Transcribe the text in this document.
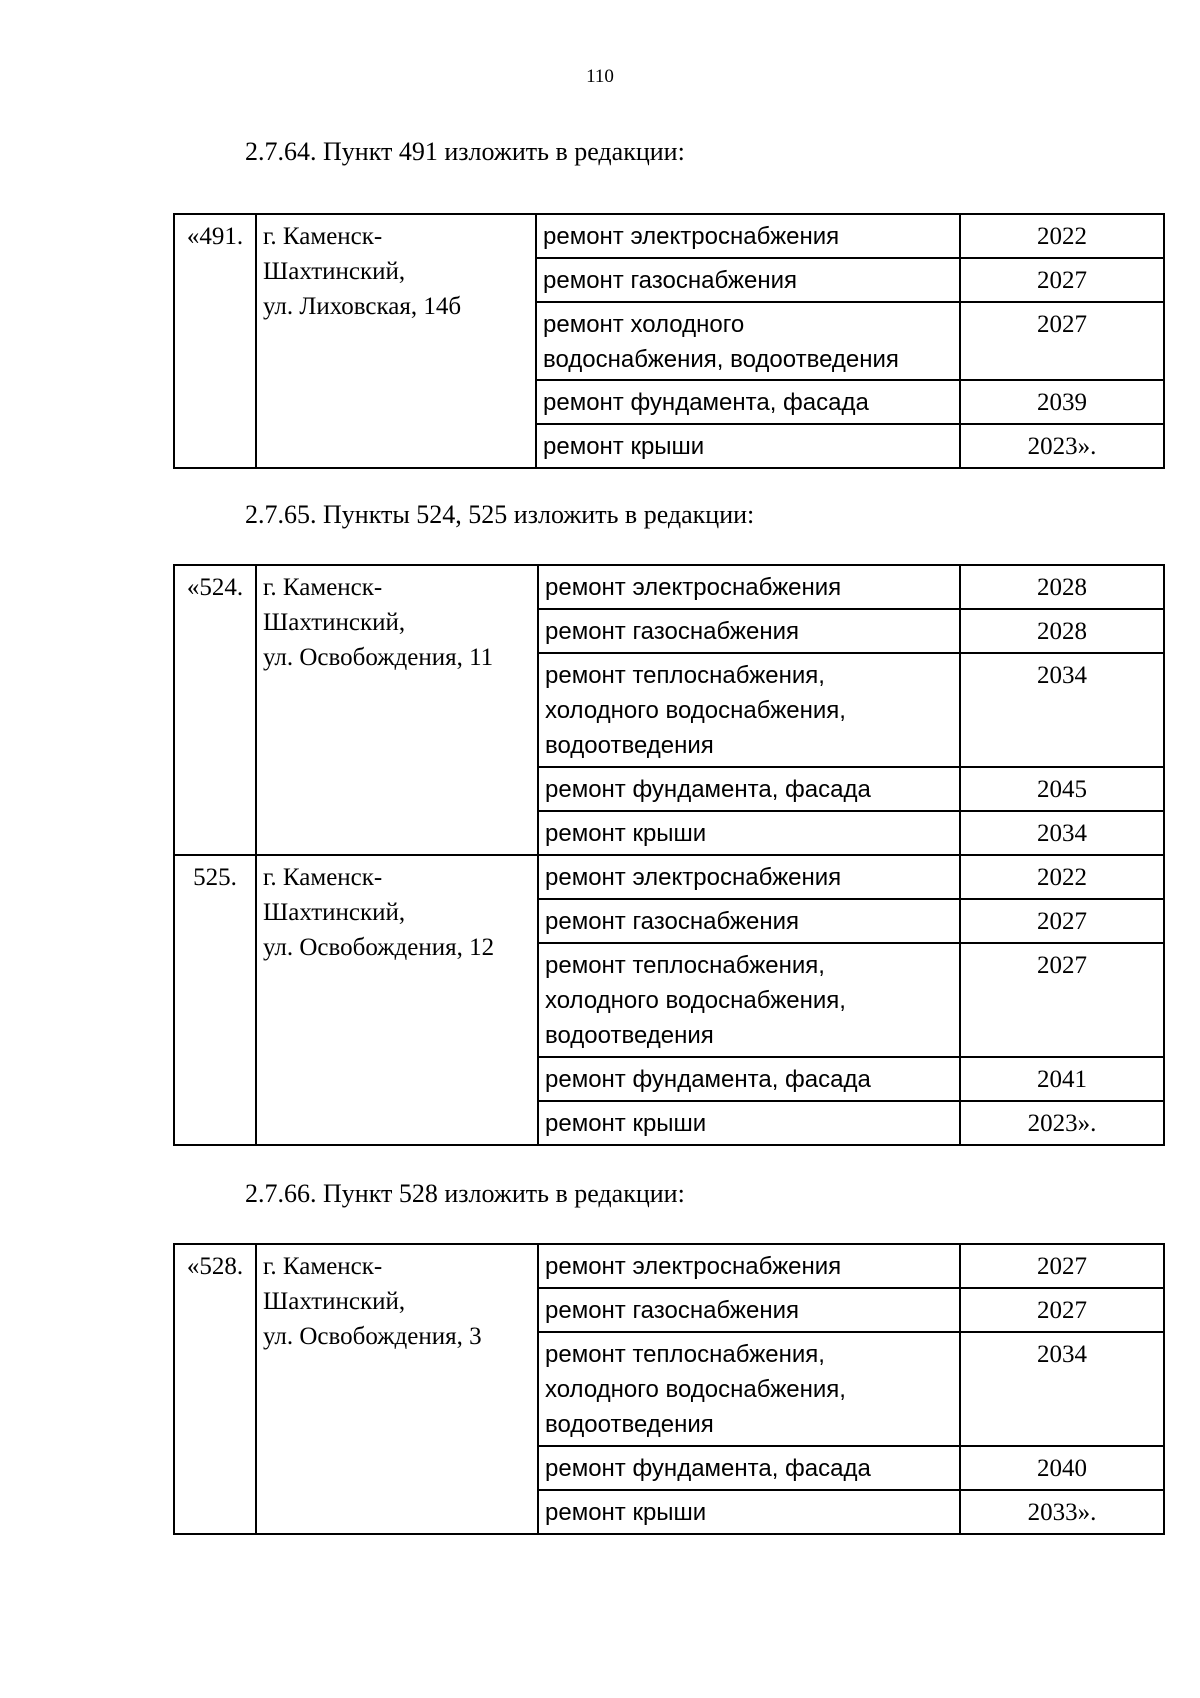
110
2.7.64. Пункт 491 изложить в редакции:
«491.	г. Каменск-
Шахтинский,
ул. Лиховская, 14б	ремонт электроснабжения	2022

		ремонт газоснабжения	2027

		ремонт холодного
водоснабжения, водоотведения	2027

		ремонт фундамента, фасада	2039

		ремонт крыши	2023».
2.7.65. Пункты 524, 525 изложить в редакции:
«524.	г. Каменск-
Шахтинский,
ул. Освобождения, 11	ремонт электроснабжения	2028

		ремонт газоснабжения	2028

		ремонт теплоснабжения,
холодного водоснабжения,
водоотведения	2034

		ремонт фундамента, фасада	2045

		ремонт крыши	2034
525.	г. Каменск-
Шахтинский,
ул. Освобождения, 12	ремонт электроснабжения	2022

		ремонт газоснабжения	2027

		ремонт теплоснабжения,
холодного водоснабжения,
водоотведения	2027

		ремонт фундамента, фасада	2041

		ремонт крыши	2023».
2.7.66. Пункт 528 изложить в редакции:
«528.	г. Каменск-
Шахтинский,
ул. Освобождения, 3	ремонт электроснабжения	2027

		ремонт газоснабжения	2027

		ремонт теплоснабжения,
холодного водоснабжения,
водоотведения	2034

		ремонт фундамента, фасада	2040

		ремонт крыши	2033».
